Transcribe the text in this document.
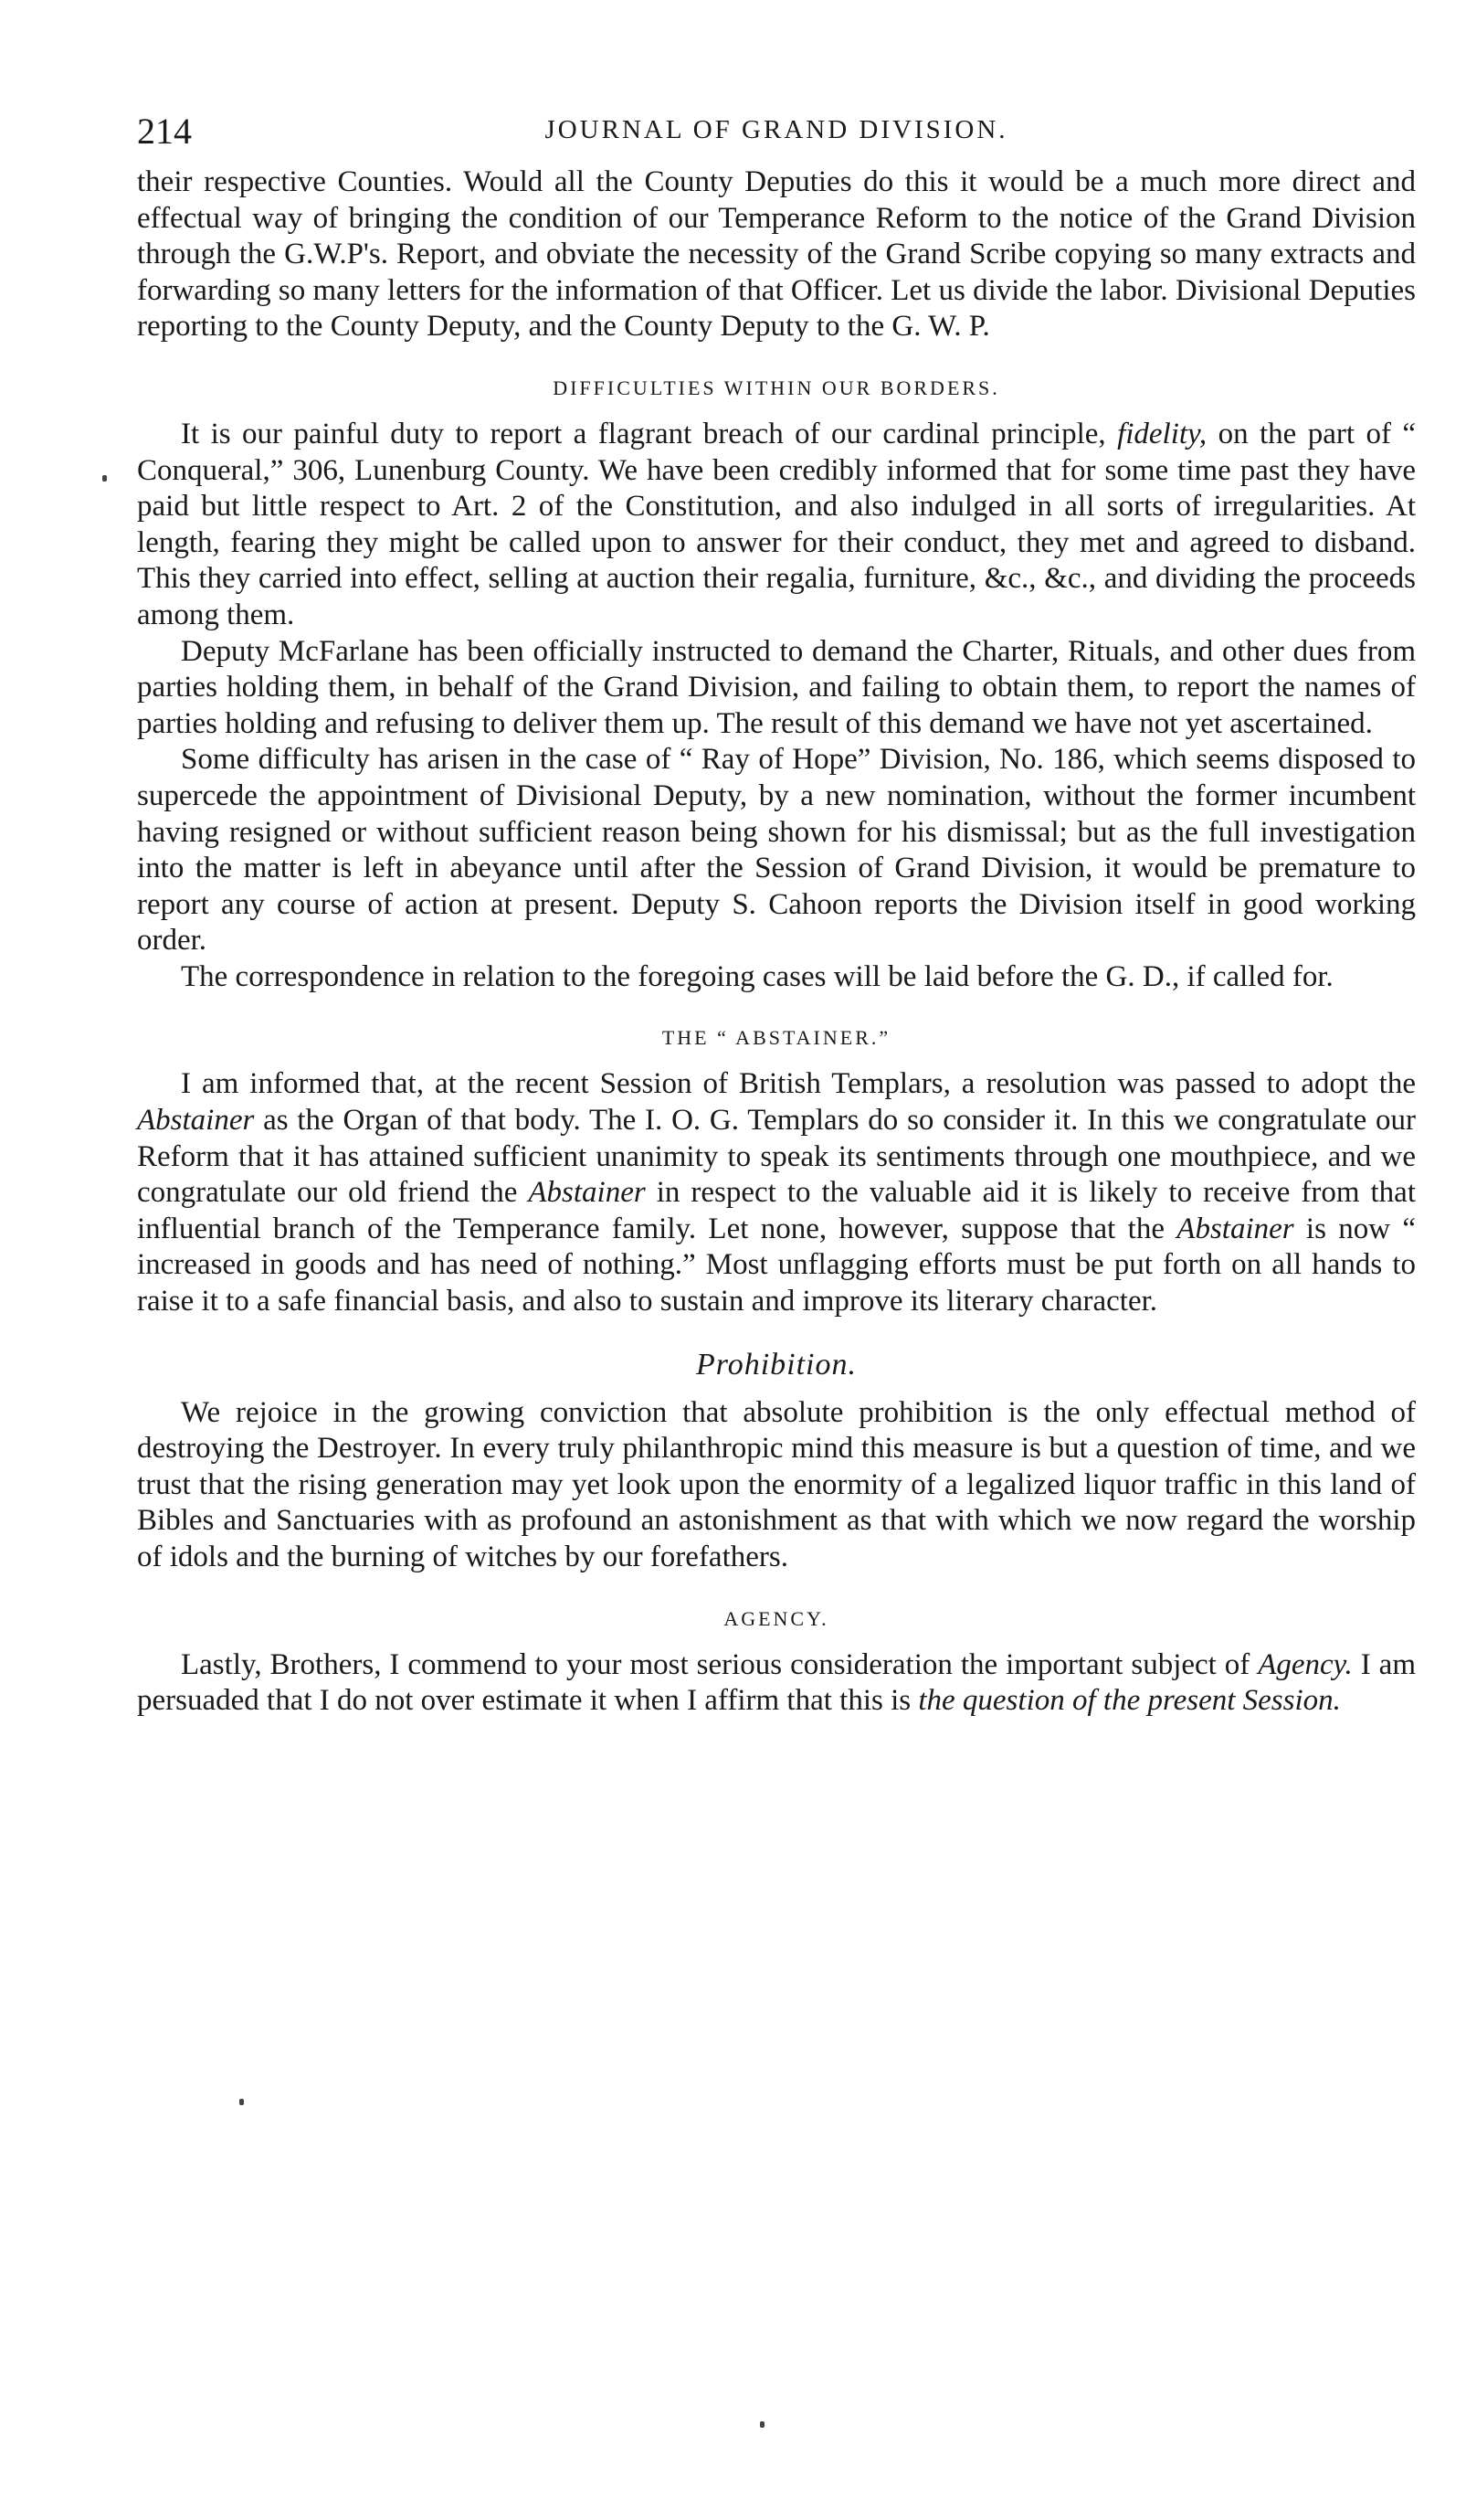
214	JOURNAL OF GRAND DIVISION.

their respective Counties. Would all the County Deputies do this it would be a much more direct and effectual way of bringing the condition of our Temperance Reform to the notice of the Grand Division through the G.W.P's. Report, and obviate the necessity of the Grand Scribe copying so many extracts and forwarding so many letters for the information of that Officer. Let us divide the labor. Divisional Deputies reporting to the County Deputy, and the County Deputy to the G. W. P.

DIFFICULTIES WITHIN OUR BORDERS.

It is our painful duty to report a flagrant breach of our cardinal principle, fidelity, on the part of “ Conqueral,” 306, Lunenburg County. We have been credibly informed that for some time past they have paid but little respect to Art. 2 of the Constitution, and also indulged in all sorts of irregularities. At length, fearing they might be called upon to answer for their conduct, they met and agreed to disband. This they carried into effect, selling at auction their regalia, furniture, &c., &c., and dividing the proceeds among them.

Deputy McFarlane has been officially instructed to demand the Charter, Rituals, and other dues from parties holding them, in behalf of the Grand Division, and failing to obtain them, to report the names of parties holding and refusing to deliver them up. The result of this demand we have not yet ascertained.

Some difficulty has arisen in the case of “ Ray of Hope” Division, No. 186, which seems disposed to supercede the appointment of Divisional Deputy, by a new nomination, without the former incumbent having resigned or without sufficient reason being shown for his dismissal; but as the full investigation into the matter is left in abeyance until after the Session of Grand Division, it would be premature to report any course of action at present. Deputy S. Cahoon reports the Division itself in good working order.

The correspondence in relation to the foregoing cases will be laid before the G. D., if called for.

THE “ ABSTAINER.”

I am informed that, at the recent Session of British Templars, a resolution was passed to adopt the Abstainer as the Organ of that body. The I. O. G. Templars do so consider it. In this we congratulate our Reform that it has attained sufficient unanimity to speak its sentiments through one mouthpiece, and we congratulate our old friend the Abstainer in respect to the valuable aid it is likely to receive from that influential branch of the Temperance family. Let none, however, suppose that the Abstainer is now “ increased in goods and has need of nothing.” Most unflagging efforts must be put forth on all hands to raise it to a safe financial basis, and also to sustain and improve its literary character.

Prohibition.

We rejoice in the growing conviction that absolute prohibition is the only effectual method of destroying the Destroyer. In every truly philanthropic mind this measure is but a question of time, and we trust that the rising generation may yet look upon the enormity of a legalized liquor traffic in this land of Bibles and Sanctuaries with as profound an astonishment as that with which we now regard the worship of idols and the burning of witches by our forefathers.

AGENCY.

Lastly, Brothers, I commend to your most serious consideration the important subject of Agency. I am persuaded that I do not over estimate it when I affirm that this is the question of the present Session.
